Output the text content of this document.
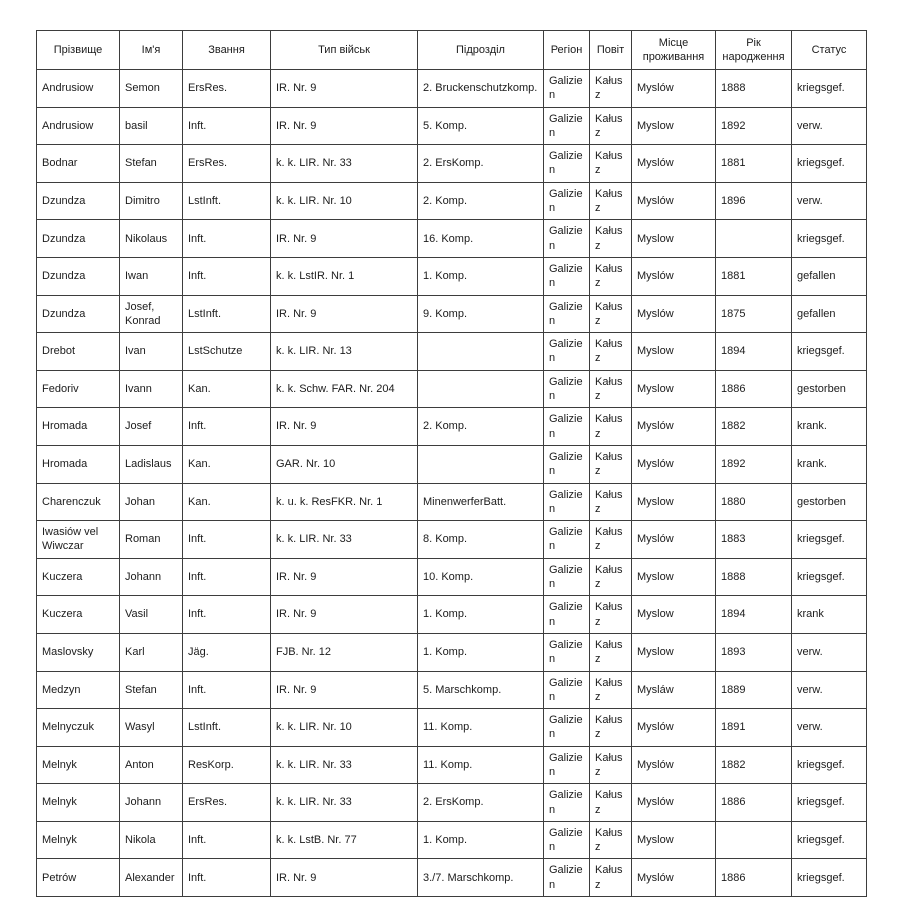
Прізвище	Ім'я	Звання	Тип військ	Підрозділ	Регіон	Повіт	Місце проживання	Рік народження	Статус
Andrusiow	Semon	ErsRes.	IR. Nr. 9	2. Bruckenschutzkomp.	Galizien	Kałusz	Myslów	1888	kriegsgef.
Andrusiow	basil	Inft.	IR. Nr. 9	5. Komp.	Galizien	Kałusz	Myslow	1892	verw.
Bodnar	Stefan	ErsRes.	k. k. LIR. Nr. 33	2. ErsKomp.	Galizien	Kałusz	Myslów	1881	kriegsgef.
Dzundza	Dimitro	LstInft.	k. k. LIR. Nr. 10	2. Komp.	Galizien	Kałusz	Myslów	1896	verw.
Dzundza	Nikolaus	Inft.	IR. Nr. 9	16. Komp.	Galizien	Kałusz	Myslow		kriegsgef.
Dzundza	Iwan	Inft.	k. k. LstIR. Nr. 1	1. Komp.	Galizien	Kałusz	Myslów	1881	gefallen
Dzundza	Josef, Konrad	LstInft.	IR. Nr. 9	9. Komp.	Galizien	Kałusz	Myslów	1875	gefallen
Drebot	Ivan	LstSchutze	k. k. LIR. Nr. 13		Galizien	Kałusz	Myslow	1894	kriegsgef.
Fedoriv	Ivann	Kan.	k. k. Schw. FAR. Nr. 204		Galizien	Kałusz	Myslow	1886	gestorben
Hromada	Josef	Inft.	IR. Nr. 9	2. Komp.	Galizien	Kałusz	Myslów	1882	krank.
Hromada	Ladislaus	Kan.	GAR. Nr. 10		Galizien	Kałusz	Myslów	1892	krank.
Charenczuk	Johan	Kan.	k. u. k. ResFKR. Nr. 1	MinenwerferBatt.	Galizien	Kałusz	Myslow	1880	gestorben
Iwasiów vel Wiwczar	Roman	Inft.	k. k. LIR. Nr. 33	8. Komp.	Galizien	Kałusz	Myslów	1883	kriegsgef.
Kuczera	Johann	Inft.	IR. Nr. 9	10. Komp.	Galizien	Kałusz	Myslow	1888	kriegsgef.
Kuczera	Vasil	Inft.	IR. Nr. 9	1. Komp.	Galizien	Kałusz	Myslow	1894	krank
Maslovsky	Karl	Jäg.	FJB. Nr. 12	1. Komp.	Galizien	Kałusz	Myslow	1893	verw.
Medzyn	Stefan	Inft.	IR. Nr. 9	5. Marschkomp.	Galizien	Kałusz	Mysláw	1889	verw.
Melnyczuk	Wasyl	LstInft.	k. k. LIR. Nr. 10	11. Komp.	Galizien	Kałusz	Myslów	1891	verw.
Melnyk	Anton	ResKorp.	k. k. LIR. Nr. 33	11. Komp.	Galizien	Kałusz	Myslów	1882	kriegsgef.
Melnyk	Johann	ErsRes.	k. k. LIR. Nr. 33	2. ErsKomp.	Galizien	Kałusz	Myslów	1886	kriegsgef.
Melnyk	Nikola	Inft.	k. k. LstB. Nr. 77	1. Komp.	Galizien	Kałusz	Myslow		kriegsgef.
Petrów	Alexander	Inft.	IR. Nr. 9	3./7. Marschkomp.	Galizien	Kałusz	Myslów	1886	kriegsgef.
